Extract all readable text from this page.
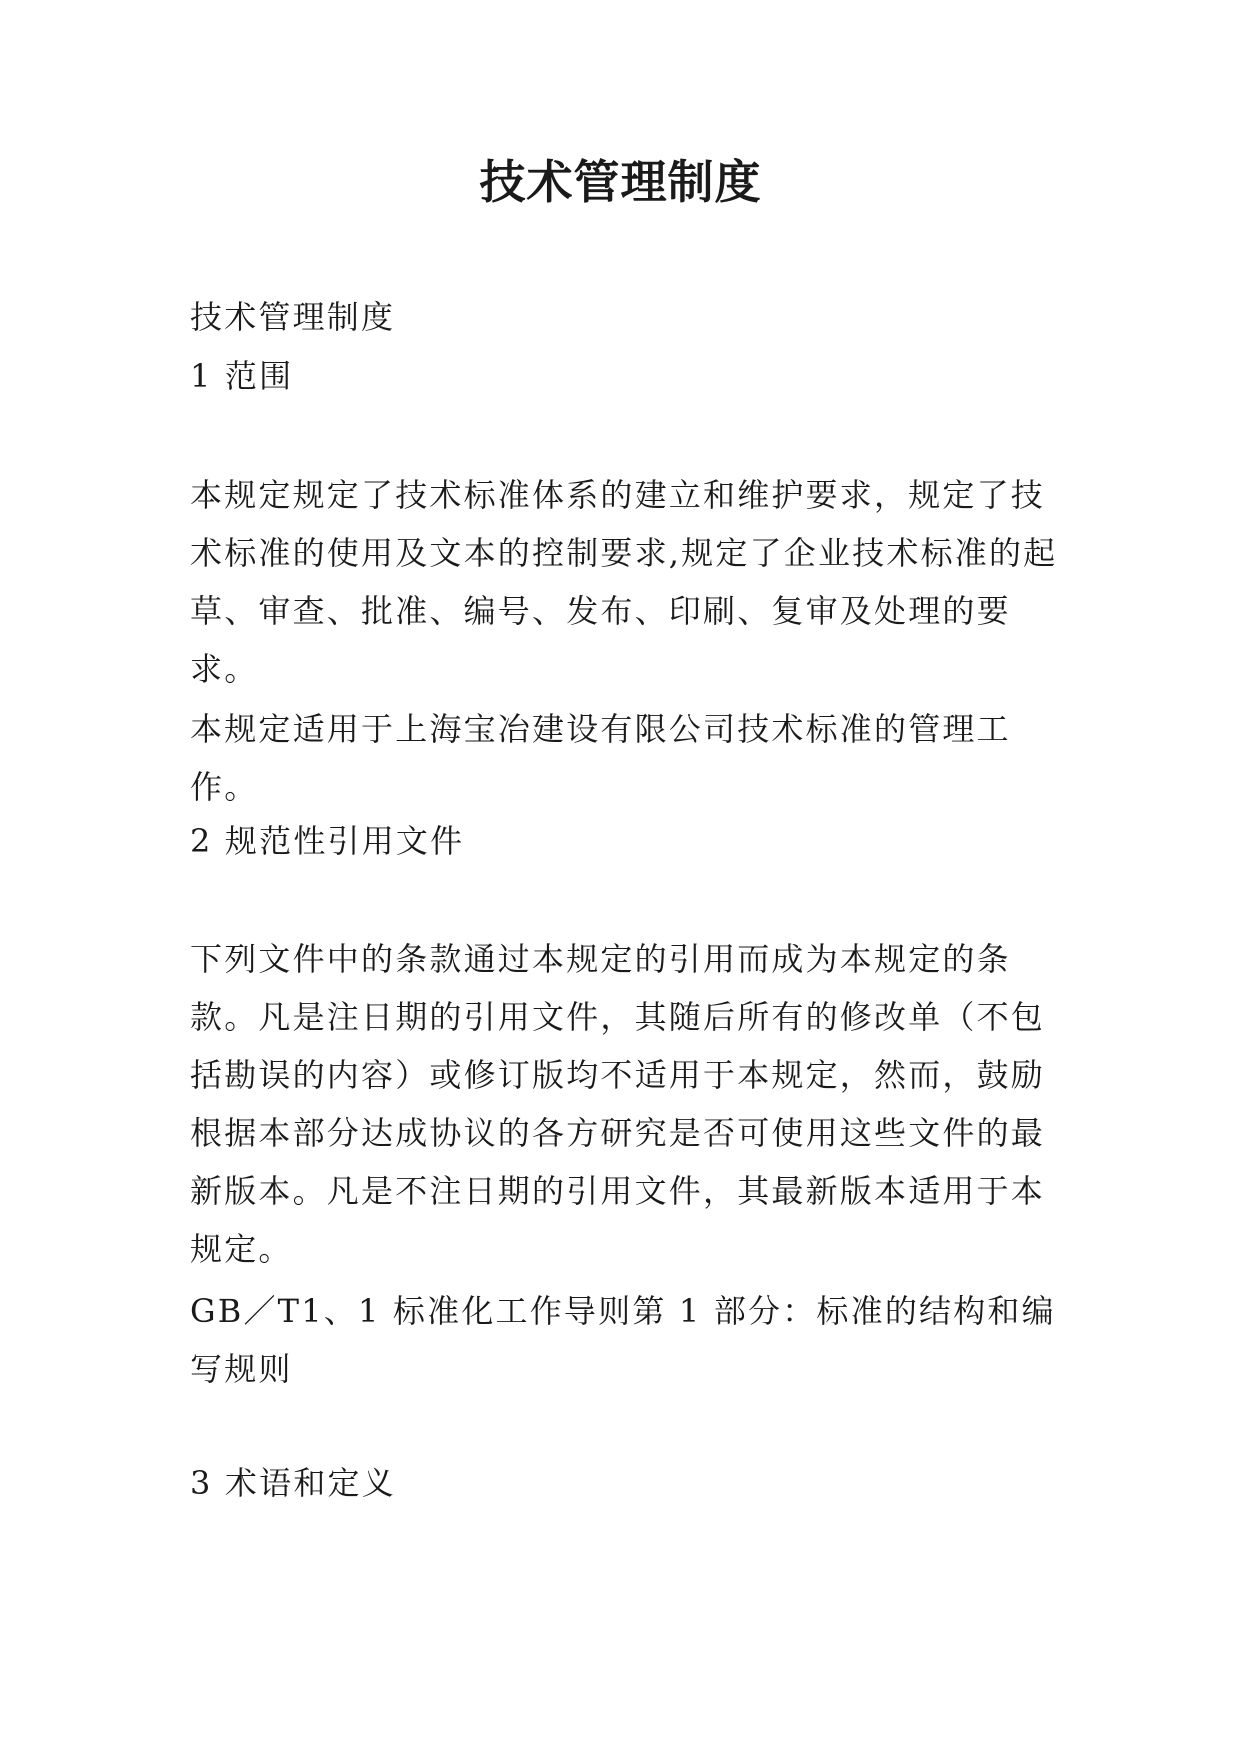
技术管理制度

技术管理制度

1 范围

本规定规定了技术标准体系的建立和维护要求，规定了技术标准的使用及文本的控制要求,规定了企业技术标准的起草、审查、批准、编号、发布、印刷、复审及处理的要求。

本规定适用于上海宝冶建设有限公司技术标准的管理工作。

2 规范性引用文件

下列文件中的条款通过本规定的引用而成为本规定的条款。凡是注日期的引用文件，其随后所有的修改单（不包括勘误的内容）或修订版均不适用于本规定，然而，鼓励根据本部分达成协议的各方研究是否可使用这些文件的最新版本。凡是不注日期的引用文件，其最新版本适用于本规定。

GB／T1、1 标准化工作导则第 1 部分：标准的结构和编写规则

3 术语和定义
